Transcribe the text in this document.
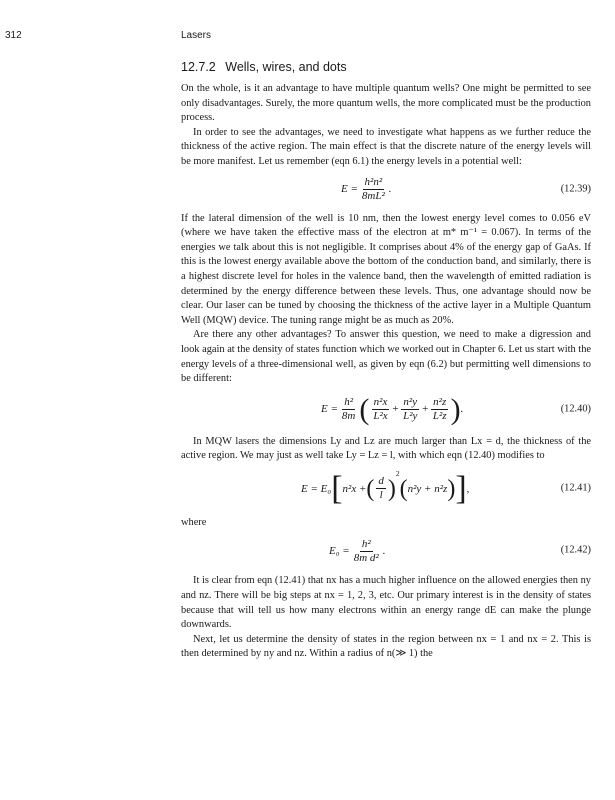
312	Lasers
12.7.2 Wells, wires, and dots

On the whole, is it an advantage to have multiple quantum wells? One might be permitted to see only disadvantages. Surely, the more quantum wells, the more complicated must be the production process.

In order to see the advantages, we need to investigate what happens as we further reduce the thickness of the active region. The main effect is that the discrete nature of the energy levels will be more manifest. Let us remember (eqn 6.1) the energy levels in a potential well:

$E = \frac{\text{h²n²}}{\text{8mL²}}$ .	(12.39)

If the lateral dimension of the well is 10 nm, then the lowest energy level comes to 0.056 eV (where we have taken the effective mass of the electron at m* m⁻¹ = 0.067). In terms of the energies we talk about this is not negligible. It comprises about 4% of the energy gap of GaAs. If this is the lowest energy available above the bottom of the conduction band, and similarly, there is a highest discrete level for holes in the valence band, then the wavelength of emitted radiation is determined by the energy difference between these levels. Thus, one advantage should now be clear. Our laser can be tuned by choosing the thickness of the active layer in a Multiple Quantum Well (MQW) device. The tuning range might be as much as 20%.

Are there any other advantages? To answer this question, we need to make a digression and look again at the density of states function which we worked out in Chapter 6. Let us start with the energy levels of a three-dimensional well, as given by eqn (6.2) but permitting well dimensions to be different:

$E = \frac{\text{h²}}{8m}$ ( $\frac{\text{n²x}}{\text{L²x}} + \frac{\text{n²y}}{\text{L²y}} + \frac{\text{n²z}}{\text{L²z}}$ ) .	(12.40)

In MQW lasers the dimensions Ly and Lz are much larger than Lx = d, the thickness of the active region. We may just as well take Ly = Lz = l, with which eqn (12.40) modifies to

E = E₀ [ n²x + ( $\frac{d}{l}$ )
2
( n²y + n²z ) ] ,	(12.41)

where

$E_0 = \frac{\text{h²}}{\text{8m d²}}$ .	(12.42)

It is clear from eqn (12.41) that nx has a much higher influence on the allowed energies then ny and nz. There will be big steps at nx = 1, 2, 3, etc. Our primary interest is in the density of states because that will tell us how many electrons within an energy range dE can make the plunge downwards.

Next, let us determine the density of states in the region between nx = 1 and nx = 2. This is then determined by ny and nz. Within a radius of n(≫ 1) the
